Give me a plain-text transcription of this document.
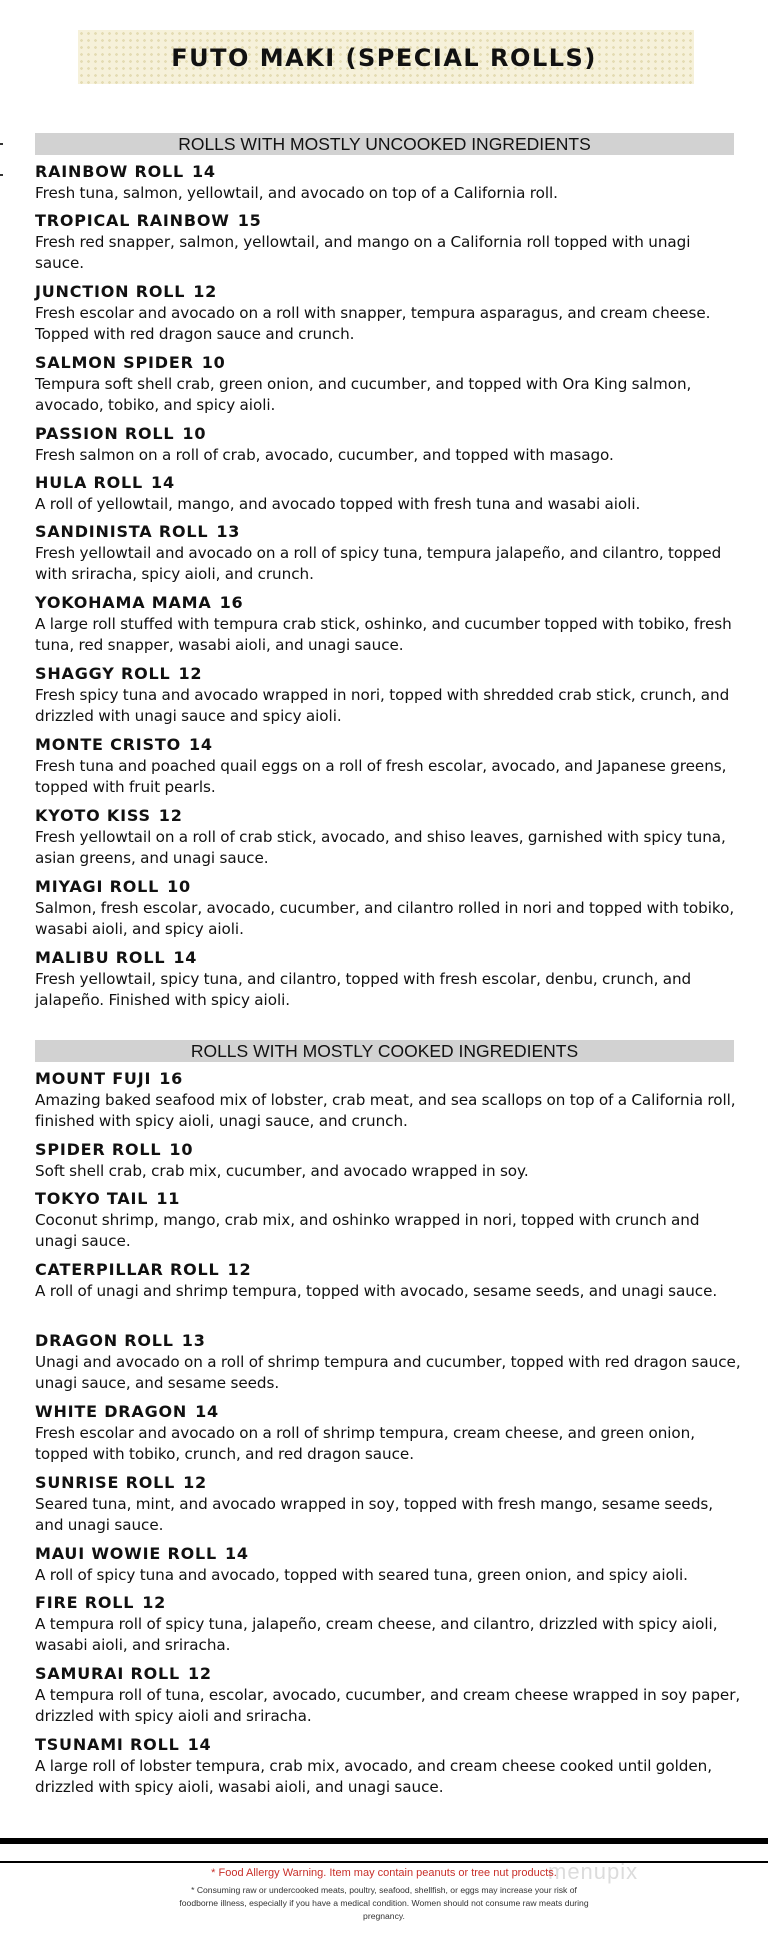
FUTO MAKI (SPECIAL ROLLS)
ROLLS WITH MOSTLY UNCOOKED INGREDIENTS
RAINBOW ROLL 14
Fresh tuna, salmon, yellowtail, and avocado on top of a California roll.
TROPICAL RAINBOW 15
Fresh red snapper, salmon, yellowtail, and mango on a California roll topped with unagi sauce.
JUNCTION ROLL 12
Fresh escolar and avocado on a roll with snapper, tempura asparagus, and cream cheese. Topped with red dragon sauce and crunch.
SALMON SPIDER 10
Tempura soft shell crab, green onion, and cucumber, and topped with Ora King salmon, avocado, tobiko, and spicy aioli.
PASSION ROLL 10
Fresh salmon on a roll of crab, avocado, cucumber, and topped with masago.
HULA ROLL 14
A roll of yellowtail, mango, and avocado topped with fresh tuna and wasabi aioli.
SANDINISTA ROLL 13
Fresh yellowtail and avocado on a roll of spicy tuna, tempura jalapeño, and cilantro, topped with sriracha, spicy aioli, and crunch.
YOKOHAMA MAMA 16
A large roll stuffed with tempura crab stick, oshinko, and cucumber topped with tobiko, fresh tuna, red snapper, wasabi aioli, and unagi sauce.
SHAGGY ROLL 12
Fresh spicy tuna and avocado wrapped in nori, topped with shredded crab stick, crunch, and drizzled with unagi sauce and spicy aioli.
MONTE CRISTO 14
Fresh tuna and poached quail eggs on a roll of fresh escolar, avocado, and Japanese greens, topped with fruit pearls.
KYOTO KISS 12
Fresh yellowtail on a roll of crab stick, avocado, and shiso leaves, garnished with spicy tuna, asian greens, and unagi sauce.
MIYAGI ROLL 10
Salmon, fresh escolar, avocado, cucumber, and cilantro rolled in nori and topped with tobiko, wasabi aioli, and spicy aioli.
MALIBU ROLL 14
Fresh yellowtail, spicy tuna, and cilantro, topped with fresh escolar, denbu, crunch, and jalapeño. Finished with spicy aioli.
ROLLS WITH MOSTLY COOKED INGREDIENTS
MOUNT FUJI 16
Amazing baked seafood mix of lobster, crab meat, and sea scallops on top of a California roll, finished with spicy aioli, unagi sauce, and crunch.
SPIDER ROLL 10
Soft shell crab, crab mix, cucumber, and avocado wrapped in soy.
TOKYO TAIL 11
Coconut shrimp, mango, crab mix, and oshinko wrapped in nori, topped with crunch and unagi sauce.
CATERPILLAR ROLL 12
A roll of unagi and shrimp tempura, topped with avocado, sesame seeds, and unagi sauce.
DRAGON ROLL 13
Unagi and avocado on a roll of shrimp tempura and cucumber, topped with red dragon sauce, unagi sauce, and sesame seeds.
WHITE DRAGON 14
Fresh escolar and avocado on a roll of shrimp tempura, cream cheese, and green onion, topped with tobiko, crunch, and red dragon sauce.
SUNRISE ROLL 12
Seared tuna, mint, and avocado wrapped in soy, topped with fresh mango, sesame seeds, and unagi sauce.
MAUI WOWIE ROLL 14
A roll of spicy tuna and avocado, topped with seared tuna, green onion, and spicy aioli.
FIRE ROLL 12
A tempura roll of spicy tuna, jalapeño, cream cheese, and cilantro, drizzled with spicy aioli, wasabi aioli, and sriracha.
SAMURAI ROLL 12
A tempura roll of tuna, escolar, avocado, cucumber, and cream cheese wrapped in soy paper, drizzled with spicy aioli and sriracha.
TSUNAMI ROLL 14
A large roll of lobster tempura, crab mix, avocado, and cream cheese cooked until golden, drizzled with spicy aioli, wasabi aioli, and unagi sauce.
menupix
* Food Allergy Warning. Item may contain peanuts or tree nut products.
* Consuming raw or undercooked meats, poultry, seafood, shellfish, or eggs may increase your risk of foodborne illness, especially if you have a medical condition. Women should not consume raw meats during pregnancy.
